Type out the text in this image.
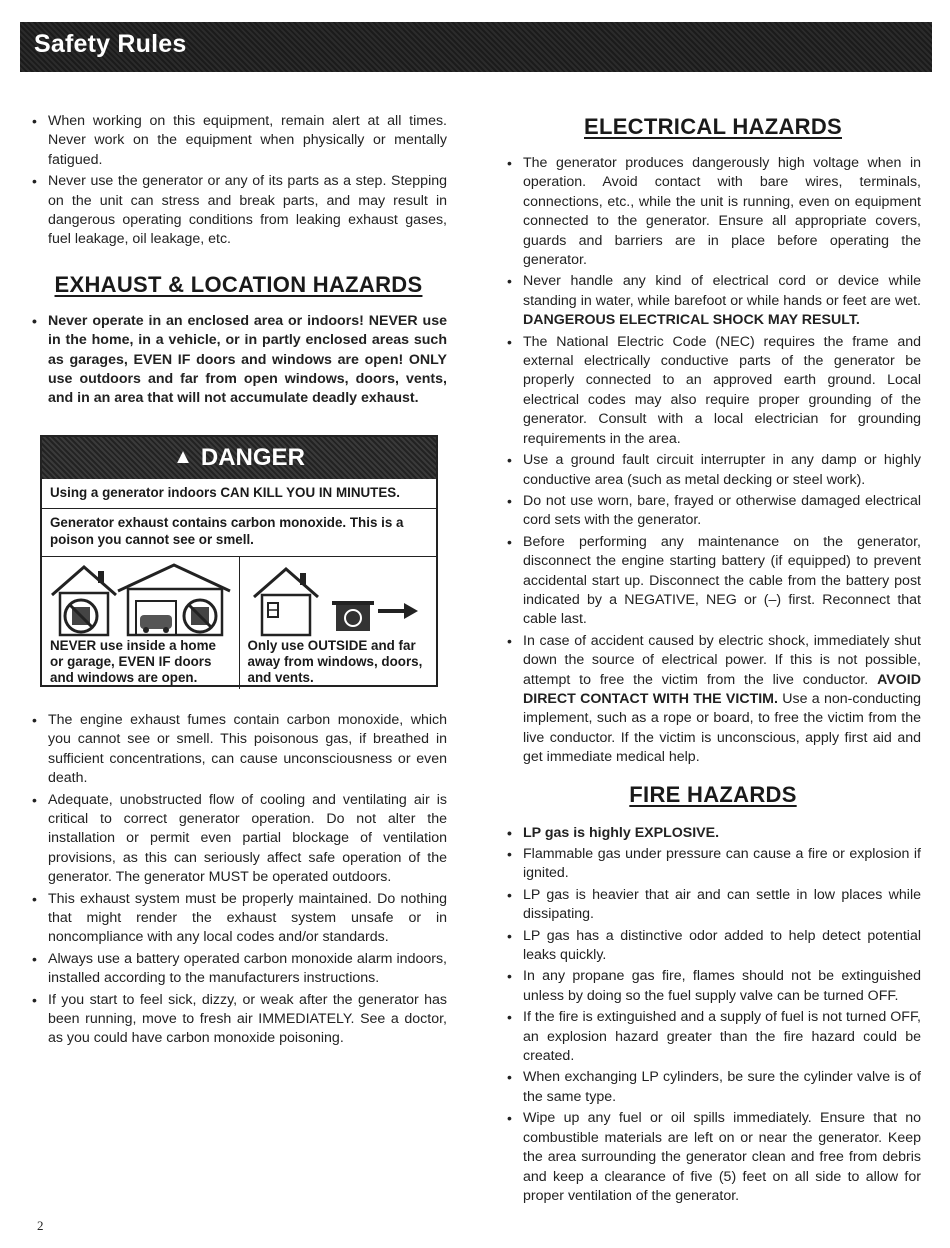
Safety Rules
• When working on this equipment, remain alert at all times. Never work on the equipment when physically or mentally fatigued.
• Never use the generator or any of its parts as a step. Stepping on the unit can stress and break parts, and may result in dangerous operating conditions from leaking exhaust gases, fuel leakage, oil leakage, etc.
EXHAUST & LOCATION HAZARDS
• Never operate in an enclosed area or indoors! NEVER use in the home, in a vehicle, or in partly enclosed areas such as garages, EVEN IF doors and windows are open! ONLY use outdoors and far from open windows, doors, vents, and in an area that will not accumulate deadly exhaust.
▲ DANGER
Using a generator indoors CAN KILL YOU IN MINUTES.
Generator exhaust contains carbon monoxide. This is a poison you cannot see or smell.
NEVER use inside a home or garage, EVEN IF doors and windows are open.
Only use OUTSIDE and far away from windows, doors, and vents.
• The engine exhaust fumes contain carbon monoxide, which you cannot see or smell. This poisonous gas, if breathed in sufficient concentrations, can cause unconsciousness or even death.
• Adequate, unobstructed flow of cooling and ventilating air is critical to correct generator operation. Do not alter the installation or permit even partial blockage of ventilation provisions, as this can seriously affect safe operation of the generator. The generator MUST be operated outdoors.
• This exhaust system must be properly maintained. Do nothing that might render the exhaust system unsafe or in noncompliance with any local codes and/or standards.
• Always use a battery operated carbon monoxide alarm indoors, installed according to the manufacturers instructions.
• If you start to feel sick, dizzy, or weak after the generator has been running, move to fresh air IMMEDIATELY. See a doctor, as you could have carbon monoxide poisoning.
ELECTRICAL HAZARDS
• The generator produces dangerously high voltage when in operation. Avoid contact with bare wires, terminals, connections, etc., while the unit is running, even on equipment connected to the generator. Ensure all appropriate covers, guards and barriers are in place before operating the generator.
• Never handle any kind of electrical cord or device while standing in water, while barefoot or while hands or feet are wet. DANGEROUS ELECTRICAL SHOCK MAY RESULT.
• The National Electric Code (NEC) requires the frame and external electrically conductive parts of the generator be properly connected to an approved earth ground. Local electrical codes may also require proper grounding of the generator. Consult with a local electrician for grounding requirements in the area.
• Use a ground fault circuit interrupter in any damp or highly conductive area (such as metal decking or steel work).
• Do not use worn, bare, frayed or otherwise damaged electrical cord sets with the generator.
• Before performing any maintenance on the generator, disconnect the engine starting battery (if equipped) to prevent accidental start up. Disconnect the cable from the battery post indicated by a NEGATIVE, NEG or (–) first. Reconnect that cable last.
• In case of accident caused by electric shock, immediately shut down the source of electrical power. If this is not possible, attempt to free the victim from the live conductor. AVOID DIRECT CONTACT WITH THE VICTIM. Use a non-conducting implement, such as a rope or board, to free the victim from the live conductor. If the victim is unconscious, apply first aid and get immediate medical help.
FIRE HAZARDS
• LP gas is highly EXPLOSIVE.
• Flammable gas under pressure can cause a fire or explosion if ignited.
• LP gas is heavier that air and can settle in low places while dissipating.
• LP gas has a distinctive odor added to help detect potential leaks quickly.
• In any propane gas fire, flames should not be extinguished unless by doing so the fuel supply valve can be turned OFF.
• If the fire is extinguished and a supply of fuel is not turned OFF, an explosion hazard greater than the fire hazard could be created.
• When exchanging LP cylinders, be sure the cylinder valve is of the same type.
• Wipe up any fuel or oil spills immediately. Ensure that no combustible materials are left on or near the generator. Keep the area surrounding the generator clean and free from debris and keep a clearance of five (5) feet on all side to allow for proper ventilation of the generator.
2
